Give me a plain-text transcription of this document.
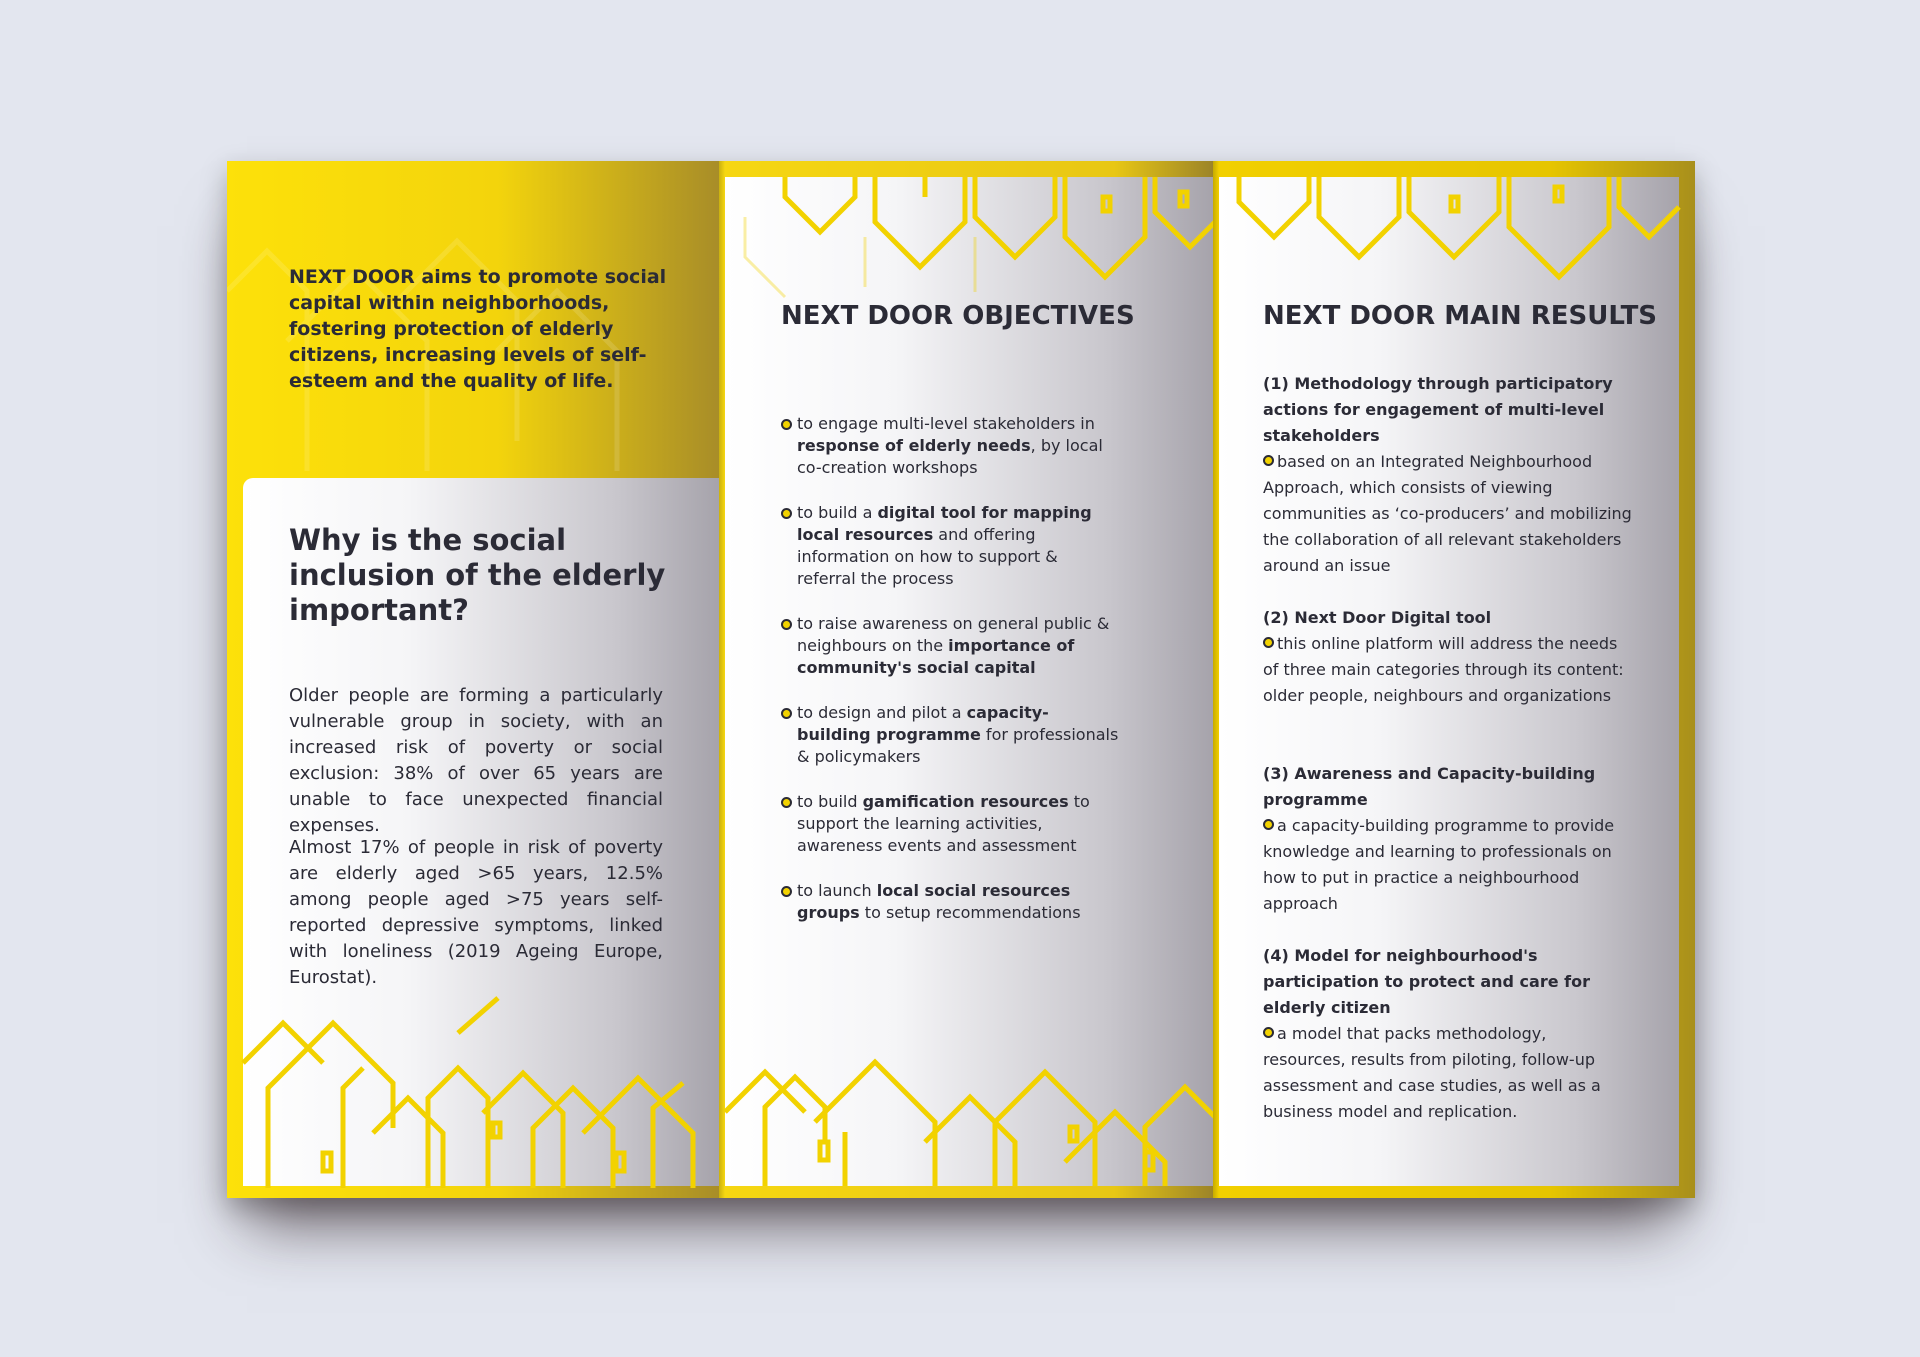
NEXT DOOR aims to promote social capital within neighborhoods, fostering protection of elderly citizens, increasing levels of self-esteem and the quality of life.

Why is the social inclusion of the elderly important?

Older people are forming a particularly vulnerable group in society, with an increased risk of poverty or social exclusion: 38% of over 65 years are unable to face unexpected financial expenses.

Almost 17% of people in risk of poverty are elderly aged >65 years, 12.5% among people aged >75 years self-reported depressive symptoms, linked with loneliness (2019 Ageing Europe, Eurostat).

NEXT DOOR OBJECTIVES
to engage multi-level stakeholders in response of elderly needs, by local co-creation workshops
to build a digital tool for mapping local resources and offering information on how to support & referral the process
to raise awareness on general public & neighbours on the importance of community's social capital
to design and pilot a capacity-building programme for professionals & policymakers
to build gamification resources to support the learning activities, awareness events and assessment
to launch local social resources groups to setup recommendations
NEXT DOOR MAIN RESULTS
(1) Methodology through participatory actions for engagement of multi-level stakeholders
based on an Integrated Neighbourhood Approach, which consists of viewing communities as ‘co-producers’ and mobilizing the collaboration of all relevant stakeholders around an issue
(2) Next Door Digital tool
this online platform will address the needs of three main categories through its content: older people, neighbours and organizations
(3) Awareness and Capacity-building programme
a capacity-building programme to provide knowledge and learning to professionals on how to put in practice a neighbourhood approach
(4) Model for neighbourhood's participation to protect and care for elderly citizen
a model that packs methodology, resources, results from piloting, follow-up assessment and case studies, as well as a business model and replication.
